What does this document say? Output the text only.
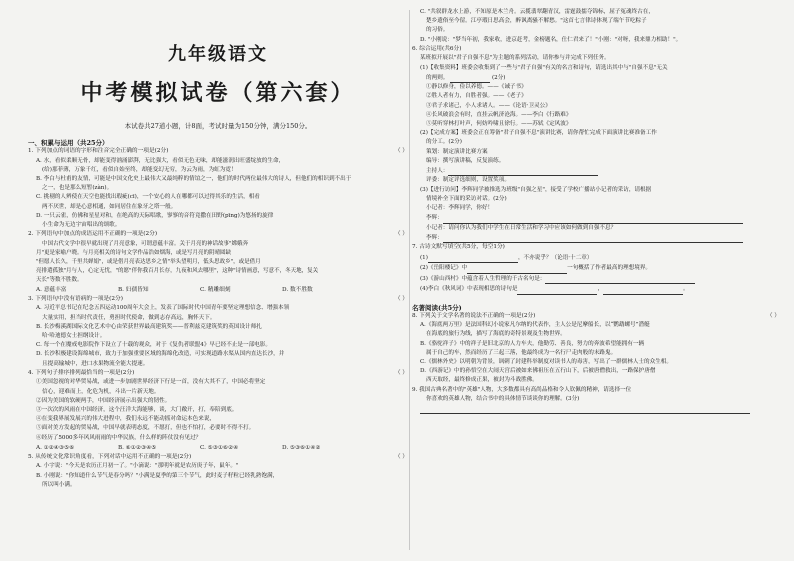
九年级语文
中考模拟试卷（第六套）
本试卷共27道小题，计8面，考试时量为150分钟，满分150分。
一、积累与运用（共25分）
1. 下列加点的词语的字形和注音完全正确的一项是(2分)	（ ）
A. 水，看似柔顺无骨，却能变得汹涌澎湃，无比强大，看似无色无味，却能滋润出旺盛绽放的生命，
(给)那菲薄，万象千红，看似自始至终，却能变幻无穷，为云为雨，为虹为霓！
B. 李白与杜甫的友情，可能是中国文化史上最伟大又最纯粹的情谊之一，他们的时代两位最伟大的诗人，但他们的相识到不出于
之一，也是那么短暂(zàn)。
C. 挑剔的人辨使在天空也能找出瑕疵(cī)，一个安心的人在哪都可以过得其乐的生活，相看
两不厌世，却是心意相通，如同居住在象牙之塔一般。
D. 一只云雀，仿佛和星星对和，在绝高的天际唱歌，寥寥的音符竟撒在田野(pīng)为悠扬的旋律
小生命为无边宇宙唱出的颂歌。
2. 下列语句中加点的成语运用不正确的一项是(2分)	（ ）
中国古代文学中很早就出现了月亮意象，可谓意蕴丰富。关于月亮的神话故事"嫦娥奔
月"更是家喻户晓。与月亮相关的诗句文学作品浩如烟海，或是写月亮的阴晴圆缺
"但愿人长久，千里共婵娟"，或是借月亮表达思乡之情"举头望明月，低头思故乡"，或是借月
亮排遣孤独"月与人，心定无忧，"的愿"伴你我百月长存，九夜和风去哪里"，这种"诗情画意，写意不，冬天地，复关
天长"等数不胜数。
A. 意蕴丰富	B. 妇孺皆知	C. 精雕细刻	D. 数不胜数
3. 下列语句中没有语病的一项是(2分)	（ ）
A. 习近平总书记在纪念五四运动100周年大会上，发表了国际时代中国青年要坚定理想信念、增强本领
大量实用，担当时代责任，勇担时代使命，做到志存高远，胸怀天下。
B. 长沙梅溪湖国际文化艺术中心由荣获世界最高建筑奖——普利兹克建筑奖的英国设计师扎
哈·哈迪德女士担纲设计。
C. 每一个在魔戒电影院作下设立了十载的观众，对于《复仇者联盟4》早已经不止是一部电影。
D. 长沙积极建设海绵城市，致力于加强重要区域的海绵化改造，可实现道路水渠从国内直达长沙，并
且提高输城中，进口水果物流全能大提速。
4. 下列句子排序排列最恰当的一项是(2分)	（ ）
①美国忽视的对华贸易战，或进一步加剧世界经济下行是一首，没有大其不了，中国必将坚定
信心，迎难而上，化危为机，斗出一片新天地。
②因为美国的软硬两手，中国经济展示出强大的韧性。
③一次次的风雨在中国经济，这个汪洋大海能够，谈，大门敞开，打，奉陪到底。
④在变我界展发展兴的伟大进程中，我们永远不能动摇对命运本色来说，
⑤面对美方发起的贸易战，中国早就表明态度，不愿打，但也不怕打，必要时不得不打。
⑥经历了5000多年风风雨雨的中华民族，什么样的阵仗没有见过？
A. ①②④③⑤⑥	B. ⑥①②③④⑤	C. ⑤③①⑥②④	D. ⑤③⑥①④②
5. 从传统文化常识角度看，下列对话中运用不正确的一项是(2分)	（ ）
A. 小宇说："今天是农历正月初一了。"小滴说："那明年就是农历庚子年，鼠年。"
B. 小刚说："你知道什么节气是春分吗？"小满是夏季的第三个节气，此时麦子籽粒已经乳熟饱满，
所以叫小满。
C. "共叙群龙水上游，不知原是木兰舟。云揽翡翠翻青汉，雷霆鼓擂夺锦标，屈子冤魂终古在，
楚乡遗俗至今留。江亭瑕日思高会，醉讽离骚不解愁。"这首七言律诗体现了端午节吃粽子
的习俗。
D. "小刚说："梦当年初，我家收，进京赶考，金榜题名，仕仁君来了！"小刚："对呀，我来鼎力相助！"。
6. 综合运用(共6分)
某班拟开展以"君子自强不息"为主题的系列活动，请你参与并完成下列任务。
(1)【收集资料】班委会收集到了一些与"君子自强"有关的名言和诗句，请选出其中与"自强不息"无关
的两则。	(2分)
①静以修身，俭以养德。——《诫子书》
②胜人者有力，自胜者强。——《老子》
③君子求诸己，小人求诸人。——《论语·卫灵公》
④长风破浪会有时，直挂云帆济沧海。——李白《行路难》
⑤莫听穿林打叶声，何妨吟啸且徐行。——苏轼《定风波》
(2)【完成方案】班委会正在筹备"君子自强不息"演讲比赛，请你帮忙完成下面演讲比赛准备工作
的分工。(2分)
策划：制定演讲比赛方案
编导：撰写演讲稿，反复演练。
主持人：
评委：制定评选细则，设置奖项。
(3)【进行访问】李辉同学被推选为班级"自强之星"，接受了学校广播站小记者的采访，请根据
情境补全下面的采访对话。(2分)
小记者：李辉同学，你好！
李辉：
小记者：请问你认为我们中学生在日常生活和学习中应该如何做到自强不息？
李辉：
7. 古诗文默写填空(共5分，每空1分)
(1)	，不亦说乎？（论语·十二章）
(2)《岳阳楼记》中	一句概括了作者最高的理想境界。
(3)《游山西村》中蕴含着人生哲理的千古名句是：
(4)李白《秋风词》中表现相思的诗句是	，	。
名著阅读(共5分)
8. 下列关于文学名著的说法不正确的一项是(2分)	（ ）
A.《海底两万里》是法国科幻小说家凡尔纳的代表作，主人公是尼摩船长，以“鹦鹉螺号”潜艇
在海底的旅行为线，描写了海底的奇特景观及生物世界。
B.《骆驼祥子》中的祥子是旧北京的人力车夫，他勤劳、善良，努力的奔波希望能拥有一辆
属于自己的车，然而经历了三起三落，他最终成为一名行尸走肉般的末路鬼。
C.《儒林外史》以明朝为背景，讽刺了封建科举制度对读书人的毒害，写出了一群儒林人士的众生相。
D.《西游记》中的孙悟空在大闹天宫后被如来佛祖压在五行山下，后被唐僧救出，一路保护唐僧
西天取经，最终修成正果，被封为斗战胜佛。
9. 我国古典名著中的"英雄"人物，大多数都具有高尚品格和令人钦佩的精神，请选择一位
你喜欢的英雄人物，结合书中的具体情节谈谈你的理解。(3分)
